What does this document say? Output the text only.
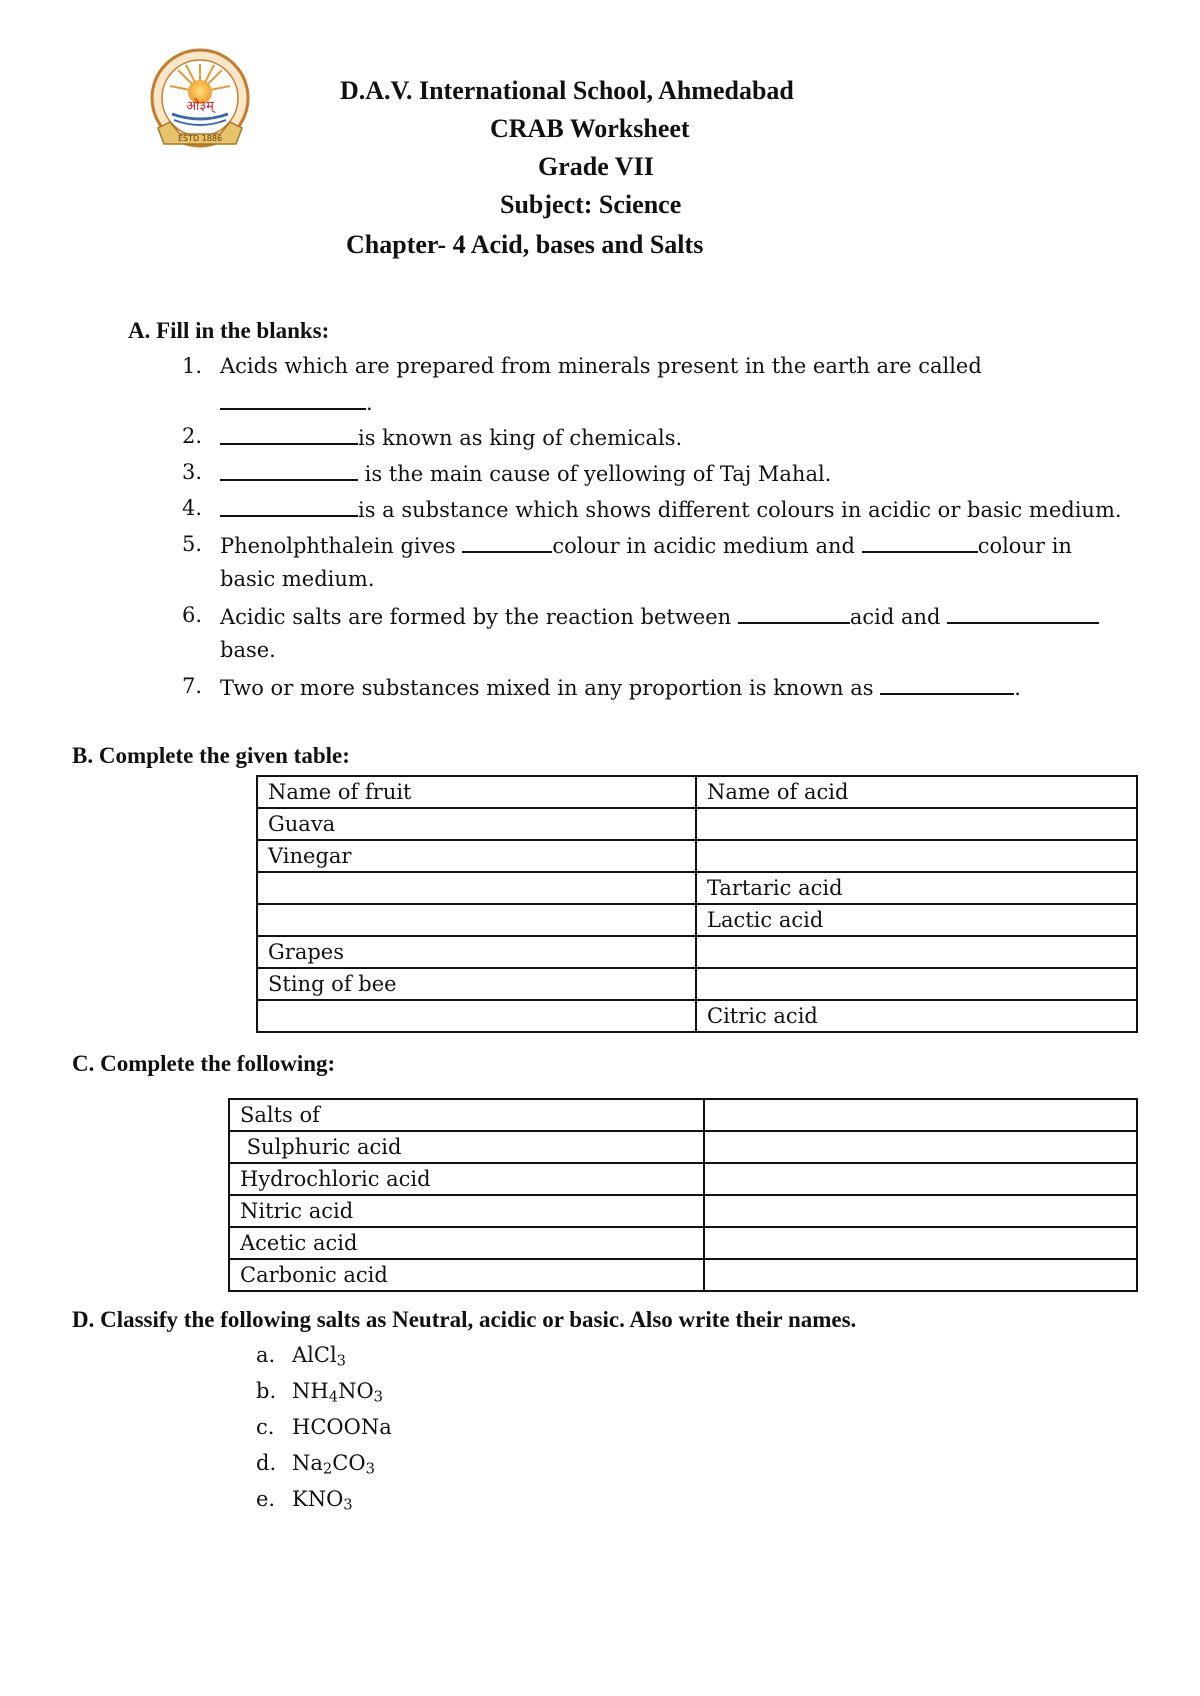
ओ३म्
ESTD 1886
D.A.V. International School, Ahmedabad
CRAB Worksheet
Grade VII
Subject: Science
Chapter- 4 Acid, bases and Salts
A. Fill in the blanks:
1. Acids which are prepared from minerals present in the earth are called
.
2.	is known as king of chemicals.
3.	is the main cause of yellowing of Taj Mahal.
4.	is a substance which shows different colours in acidic or basic medium.
5. Phenolphthalein gives	colour in acidic medium and	colour in
basic medium.
6. Acidic salts are formed by the reaction between	acid and
base.
7. Two or more substances mixed in any proportion is known as	.
B. Complete the given table:
Name of fruit	Name of acid
Guava	
Vinegar	
	Tartaric acid
	Lactic acid
Grapes	
Sting of bee	
	Citric acid
C. Complete the following:
Salts of	
Sulphuric acid	
Hydrochloric acid	
Nitric acid	
Acetic acid	
Carbonic acid	
D. Classify the following salts as Neutral, acidic or basic. Also write their names.
a. AlCl$_3$
b. $NH_4NO_3$
c. HCOONa
d. $Na_2CO_3$
e. $KNO_3$
